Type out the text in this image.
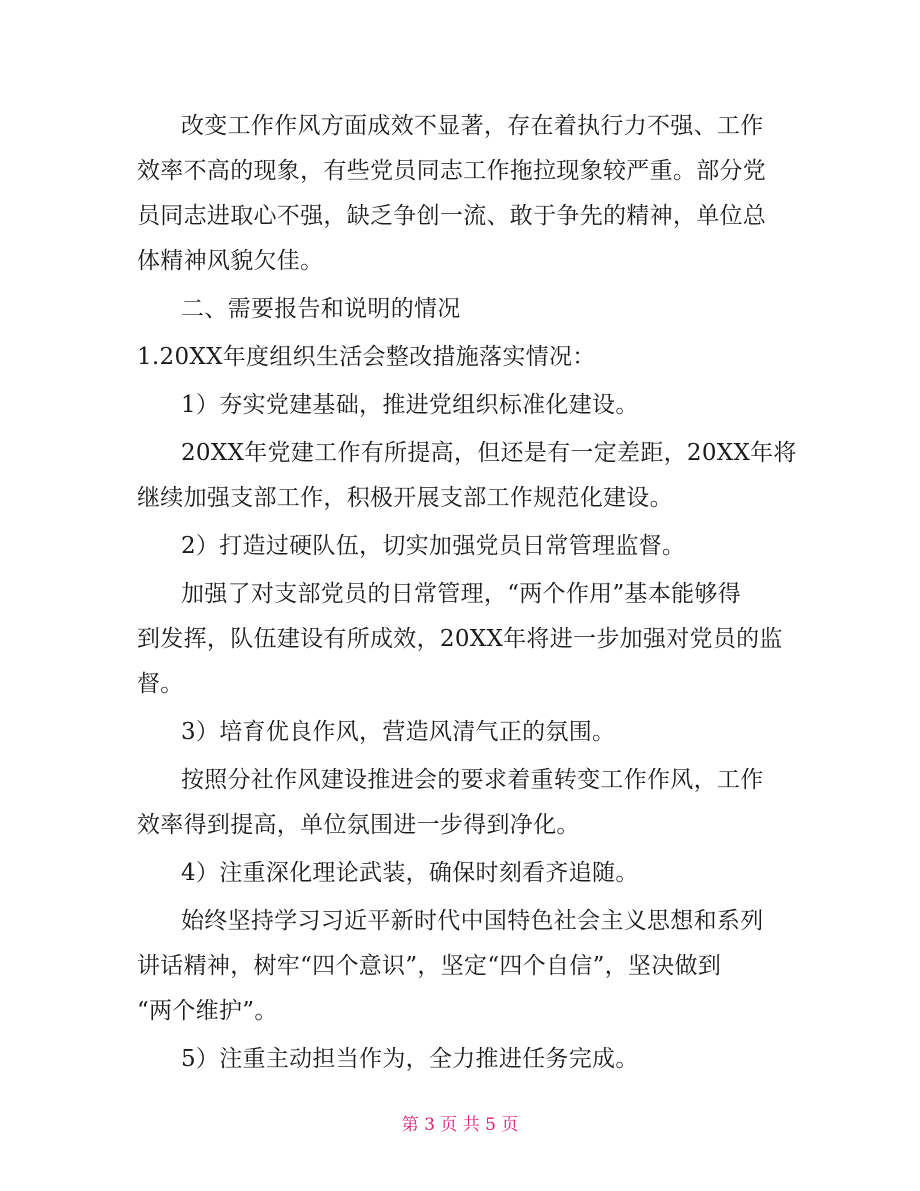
改变工作作风方面成效不显著，存在着执行力不强、工作
效率不高的现象，有些党员同志工作拖拉现象较严重。部分党
员同志进取心不强，缺乏争创一流、敢于争先的精神，单位总
体精神风貌欠佳。
二、需要报告和说明的情况
1.20XX年度组织生活会整改措施落实情况：
1）夯实党建基础，推进党组织标准化建设。
20XX年党建工作有所提高，但还是有一定差距，20XX年将
继续加强支部工作，积极开展支部工作规范化建设。
2）打造过硬队伍，切实加强党员日常管理监督。
加强了对支部党员的日常管理，“两个作用”基本能够得
到发挥，队伍建设有所成效，20XX年将进一步加强对党员的监
督。
3）培育优良作风，营造风清气正的氛围。
按照分社作风建设推进会的要求着重转变工作作风，工作
效率得到提高，单位氛围进一步得到净化。
4）注重深化理论武装，确保时刻看齐追随。
始终坚持学习习近平新时代中国特色社会主义思想和系列
讲话精神，树牢“四个意识”，坚定“四个自信”，坚决做到
“两个维护”。
5）注重主动担当作为，全力推进任务完成。
第 3 页 共 5 页
